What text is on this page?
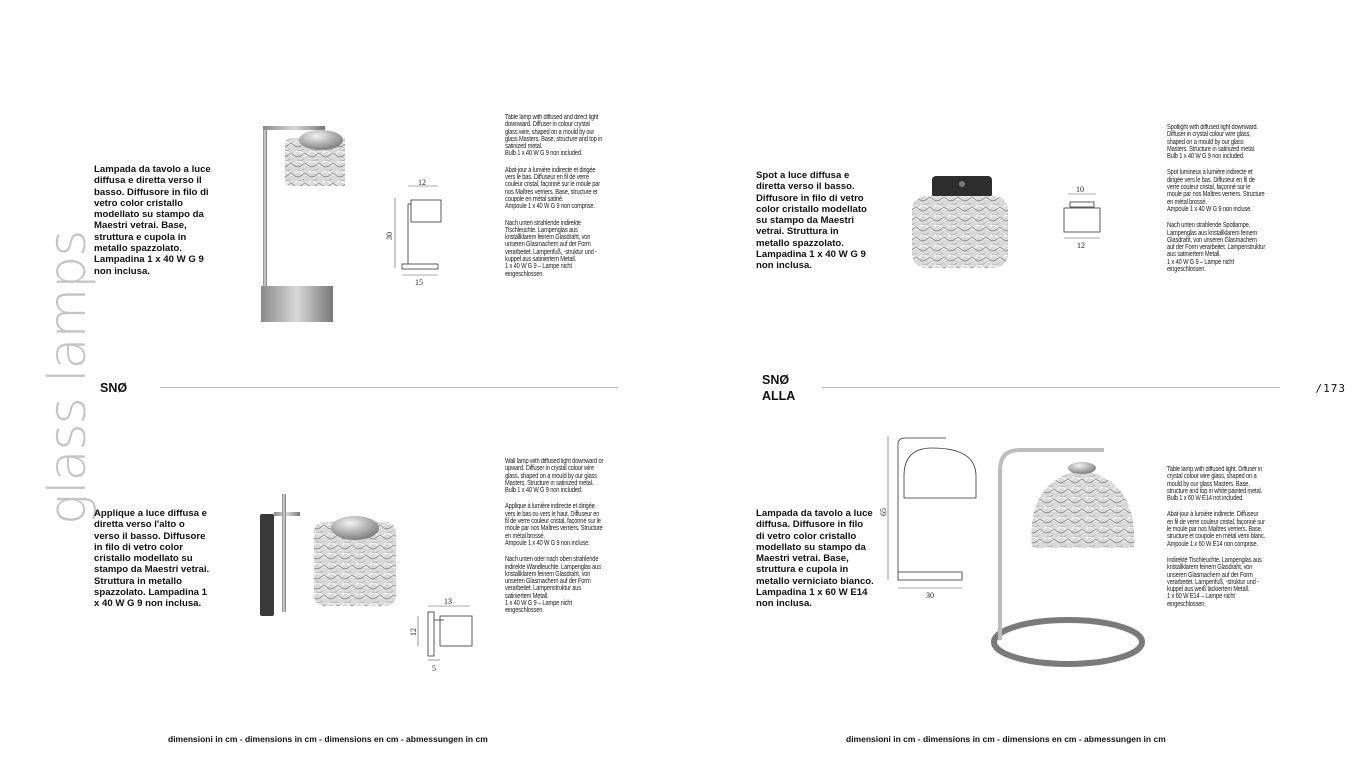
glass lamps
Lampada da tavolo a luce diffusa e diretta verso il basso. Diffusore in filo di vetro color cristallo modellato su stampo da Maestri vetrai. Base, struttura e cupola in metallo spazzolato. Lampadina 1 x 40 W G 9 non inclusa.
12
30
15

Table lamp with diffused and direct light downward. Diffuser in colour crystal glass wire, shaped on a mould by our glass Masters. Base, structure and top in satinized metal.
Bulb 1 x 40 W G 9 non included.

Abat-jour à lumière indirecte et dirigée vers le bas. Diffuseur en fil de verre couleur cristal, façonné sur le moule par nos Maîtres verriers. Base, structure et coupole en métal satiné.
Ampoule 1 x 40 W G 9 non comprise.

Nach unten strahlende indirekte Tischleuchte. Lampenglas aus kristallklarem feinem Glasdraht, von unseren Glasmachern auf der Form verarbeitet. Lampenfuß, -struktur und -kuppel aus satiniertem Metall.
1 x 40 W G 9 – Lampe nicht eingeschlossen.

Spot a luce diffusa e diretta verso il basso. Diffusore in filo di vetro color cristallo modellato su stampo da Maestri vetrai. Struttura in metallo spazzolato. Lampadina 1 x 40 W G 9 non inclusa.
10
12

Spotlight with diffused light downward. Diffuser in crystal colour wire glass, shaped on a mould by our glass Masters. Structure in satinized metal.
Bulb 1 x 40 W G 9 non included.

Spot lumineux à lumière indirecte et dirigée vers le bas. Diffuseur en fil de verre couleur cristal, façonné sur le moule par nos Maîtres verriers. Structure en métal brossé.
Ampoule 1 x 40 W G 9 non incluse.

Nach unten strahlende Spotlampe. Lampenglas aus kristallklarem feinem Glasdraht, von unseren Glasmachern auf der Form verarbeitet. Lampenstruktur aus satiniertem Metall.
1 x 40 W G 9 – Lampe nicht eingeschlossen.

SNØ
SNØ
ALLA
/173
Applique a luce diffusa e diretta verso l'alto o verso il basso. Diffusore in filo di vetro color cristallo modellato su stampo da Maestri vetrai. Struttura in metallo spazzolato. Lampadina 1 x 40 W G 9 non inclusa.	13
12
5

Wall lamp with diffused light downward or upward. Diffuser in crystal colour wire glass, shaped on a mould by our glass Masters. Structure in satinized metal.
Bulb 1 x 40 W G 9 non included.

Applique à lumière indirecte et dirigée vers le bas ou vers le haut. Diffuseur en fil de verre couleur cristal, façonné sur le moule par nos Maîtres verriers. Structure en métal brossé.
Ampoule 1 x 40 W G 9 non incluse.

Nach unten oder nach oben strahlende indirekte Wandleuchte. Lampenglas aus kristallklarem feinem Glasdraht, von unseren Glasmachern auf der Form verarbeitet. Lampenstruktur aus satiniertem Metall.
1 x 40 W G 9 – Lampe nicht eingeschlossen.

Lampada da tavolo a luce diffusa. Diffusore in filo di vetro color cristallo modellato su stampo da Maestri vetrai. Base, struttura e cupola in metallo verniciato bianco. Lampadina 1 x 60 W E14 non inclusa.
65
30

Table lamp with diffused light. Diffuser in crystal colour wire glass, shaped on a mould by our glass Masters. Base, structure and top in white painted metal.
Bulb 1 x 60 W E14 not included.

Abat-jour à lumière indirecte. Diffuseur en fil de verre couleur cristal, façonné sur le moule par nos Maîtres verriers. Base, structure et coupole en métal verni blanc.
Ampoule 1 x 60 W E14 non comprise.

Indirekte Tischleuchte. Lampenglas aus kristallklarem feinem Glasdraht, von unseren Glasmachern auf der Form verarbeitet. Lampenfuß, -struktur und -kuppel aus weiß lackiertem Metall.
1 x 60 W E14 – Lampe nicht eingeschlossen.

dimensioni in cm - dimensions in cm - dimensions en cm - abmessungen in cm	dimensioni in cm - dimensions in cm - dimensions en cm - abmessungen in cm
